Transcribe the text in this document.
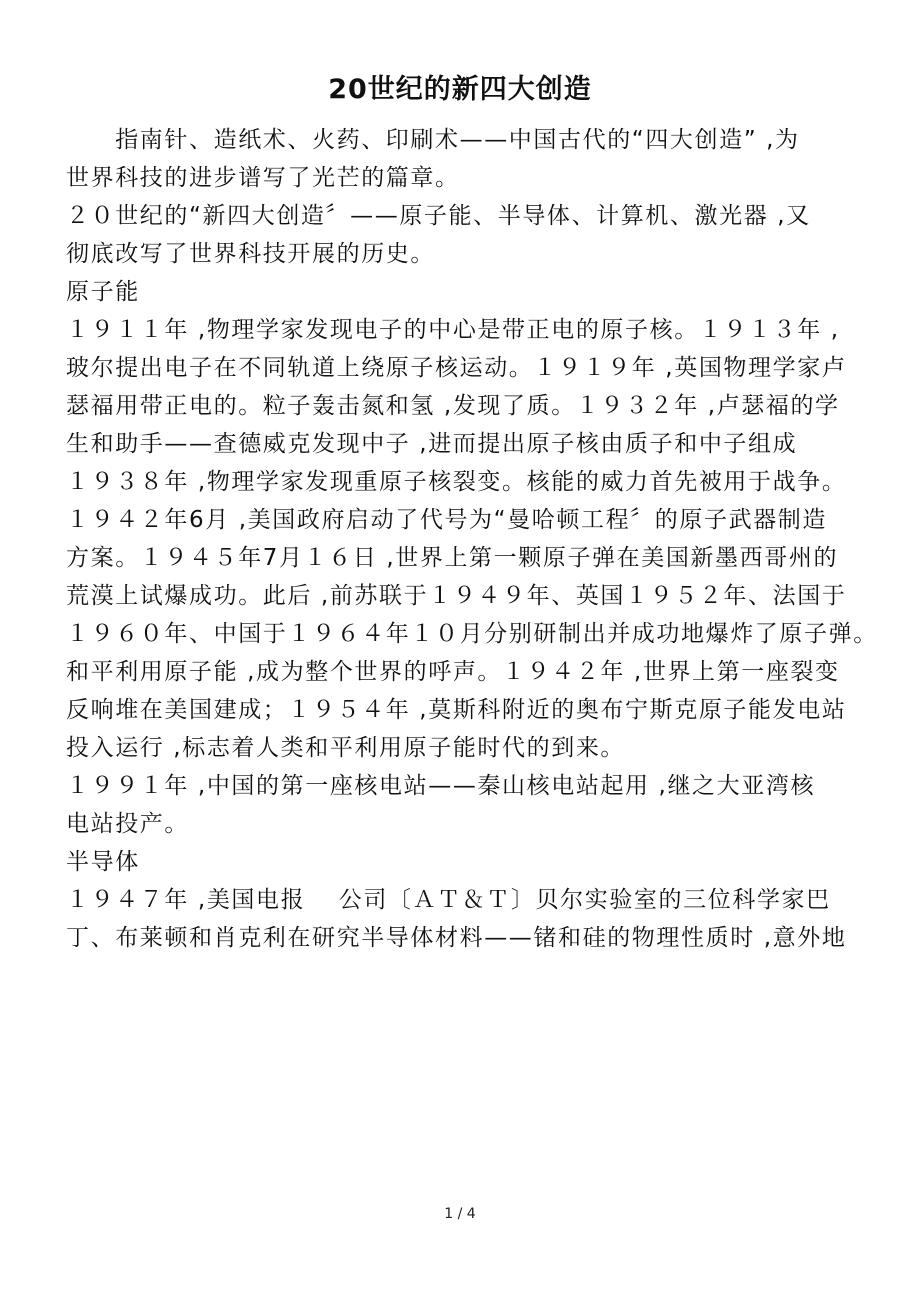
20世纪的新四大创造
　　指南针、造纸术、火药、印刷术——中国古代的“四大创造” ,为
世界科技的进步谱写了光芒的篇章。
２０世纪的“新四大创造〞——原子能、半导体、计算机、激光器 ,又
彻底改写了世界科技开展的历史。
原子能
１９１１年 ,物理学家发现电子的中心是带正电的原子核。１９１３年 ,
玻尔提出电子在不同轨道上绕原子核运动。１９１９年 ,英国物理学家卢
瑟福用带正电的。粒子轰击氮和氢 ,发现了质。１９３２年 ,卢瑟福的学
生和助手——查德威克发现中子 ,进而提出原子核由质子和中子组成
１９３８年 ,物理学家发现重原子核裂变。核能的威力首先被用于战争。
１９４２年6月 ,美国政府启动了代号为“曼哈顿工程〞的原子武器制造
方案。１９４５年7月１６日 ,世界上第一颗原子弹在美国新墨西哥州的
荒漠上试爆成功。此后 ,前苏联于１９４９年、英国１９５２年、法国于
１９６０年、中国于１９６４年１０月分别研制出并成功地爆炸了原子弹。
和平利用原子能 ,成为整个世界的呼声。１９４２年 ,世界上第一座裂变
反响堆在美国建成；１９５４年 ,莫斯科附近的奥布宁斯克原子能发电站
投入运行 ,标志着人类和平利用原子能时代的到来。
１９９１年 ,中国的第一座核电站——秦山核电站起用 ,继之大亚湾核
电站投产。
半导体
１９４７年 ,美国电报　 公司〔ＡＴ＆Ｔ〕贝尔实验室的三位科学家巴
丁、布莱顿和肖克利在研究半导体材料——锗和硅的物理性质时 ,意外地
1 / 4
